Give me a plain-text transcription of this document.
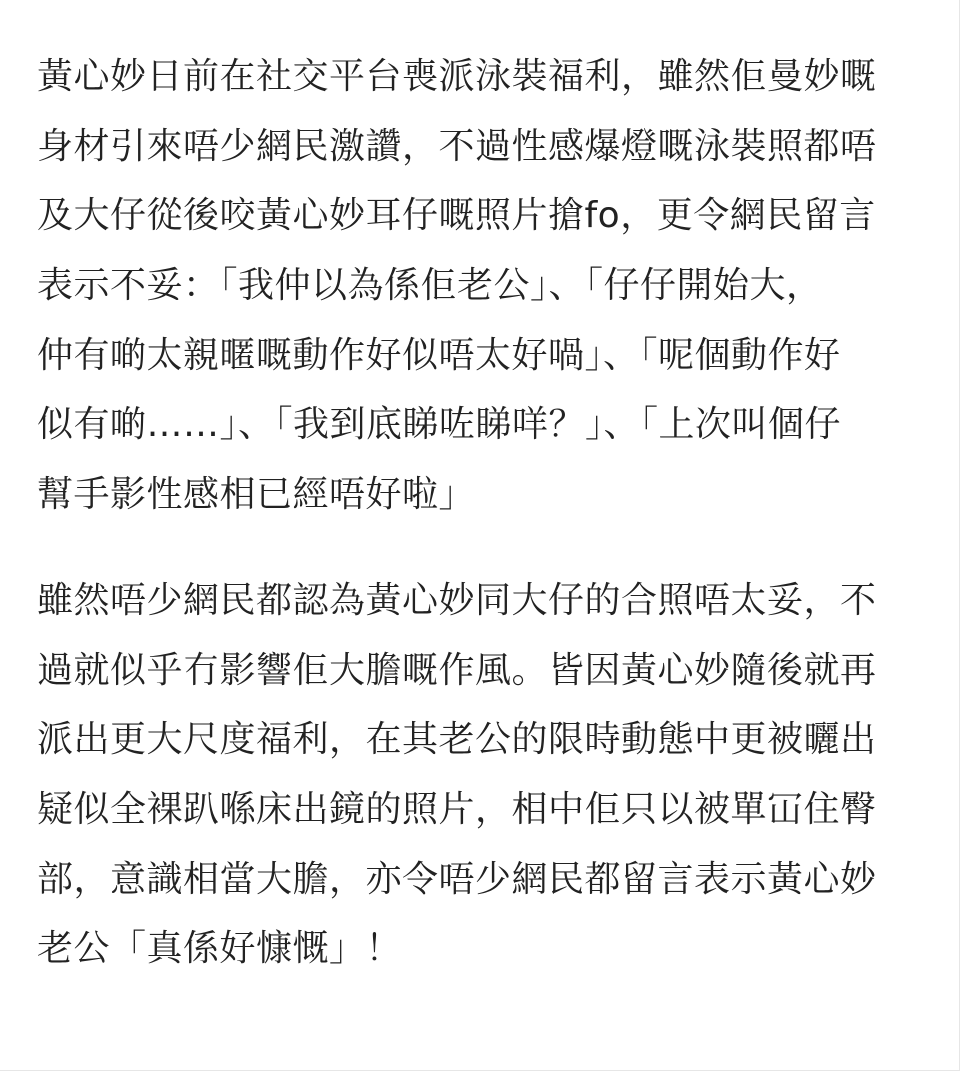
黃心妙日前在社交平台喪派泳裝福利，雖然佢曼妙嘅
身材引來唔少網民激讚，不過性感爆燈嘅泳裝照都唔
及大仔從後咬黃心妙耳仔嘅照片搶fo，更令網民留言
表示不妥：「我仲以為係佢老公」、「仔仔開始大，
仲有啲太親暱嘅動作好似唔太好喎」、「呢個動作好
似有啲……」、「我到底睇咗睇咩？」、「上次叫個仔
幫手影性感相已經唔好啦」
雖然唔少網民都認為黃心妙同大仔的合照唔太妥，不
過就似乎冇影響佢大膽嘅作風。皆因黃心妙隨後就再
派出更大尺度福利，在其老公的限時動態中更被曬出
疑似全裸趴喺床出鏡的照片，相中佢只以被單冚住臀
部，意識相當大膽，亦令唔少網民都留言表示黃心妙
老公「真係好慷慨」！
